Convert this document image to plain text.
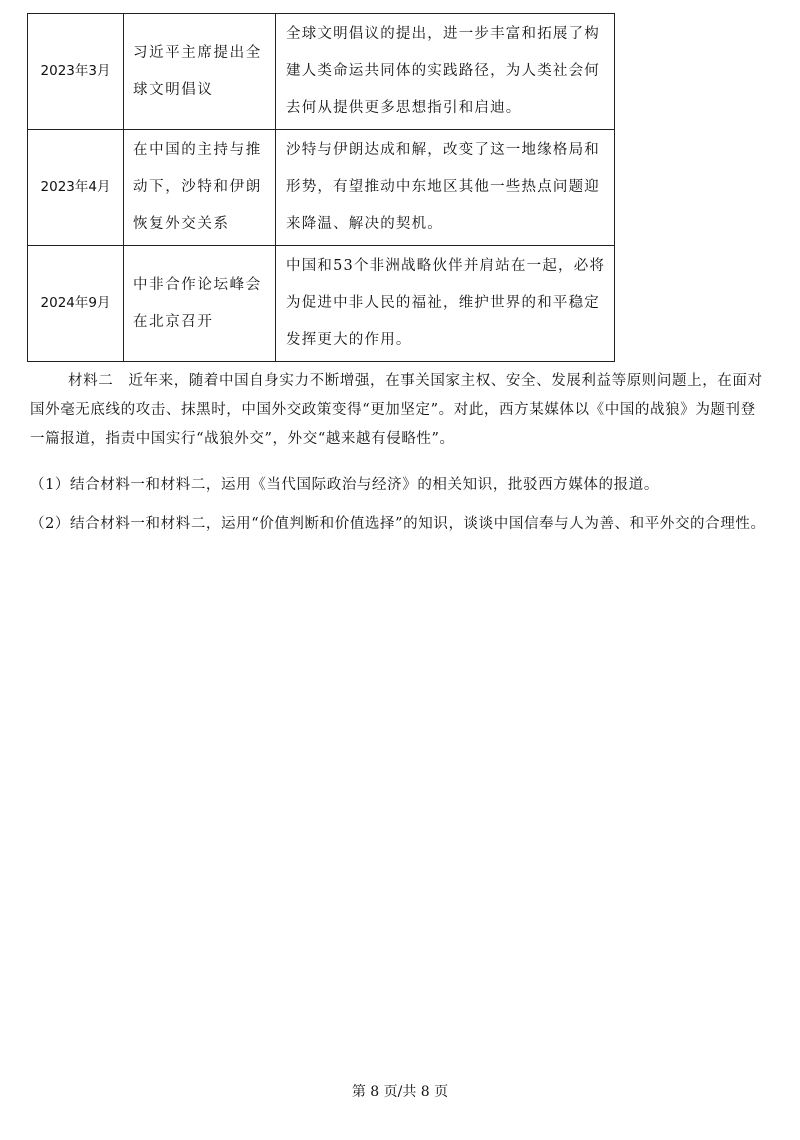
2023年3月	习近平主席提出全球文明倡议	全球文明倡议的提出，进一步丰富和拓展了构建人类命运共同体的实践路径，为人类社会何去何从提供更多思想指引和启迪。
2023年4月	在中国的主持与推动下，沙特和伊朗恢复外交关系	沙特与伊朗达成和解，改变了这一地缘格局和形势，有望推动中东地区其他一些热点问题迎来降温、解决的契机。
2024年9月	中非合作论坛峰会在北京召开	中国和53个非洲战略伙伴并肩站在一起，必将为促进中非人民的福祉，维护世界的和平稳定发挥更大的作用。

材料二　近年来，随着中国自身实力不断增强，在事关国家主权、安全、发展利益等原则问题上，在面对国外毫无底线的攻击、抹黑时，中国外交政策变得“更加坚定”。对此，西方某媒体以《中国的战狼》为题刊登一篇报道，指责中国实行“战狼外交”，外交“越来越有侵略性”。

（1）结合材料一和材料二，运用《当代国际政治与经济》的相关知识，批驳西方媒体的报道。

（2）结合材料一和材料二，运用“价值判断和价值选择”的知识，谈谈中国信奉与人为善、和平外交的合理性。

第 8 页/共 8 页
